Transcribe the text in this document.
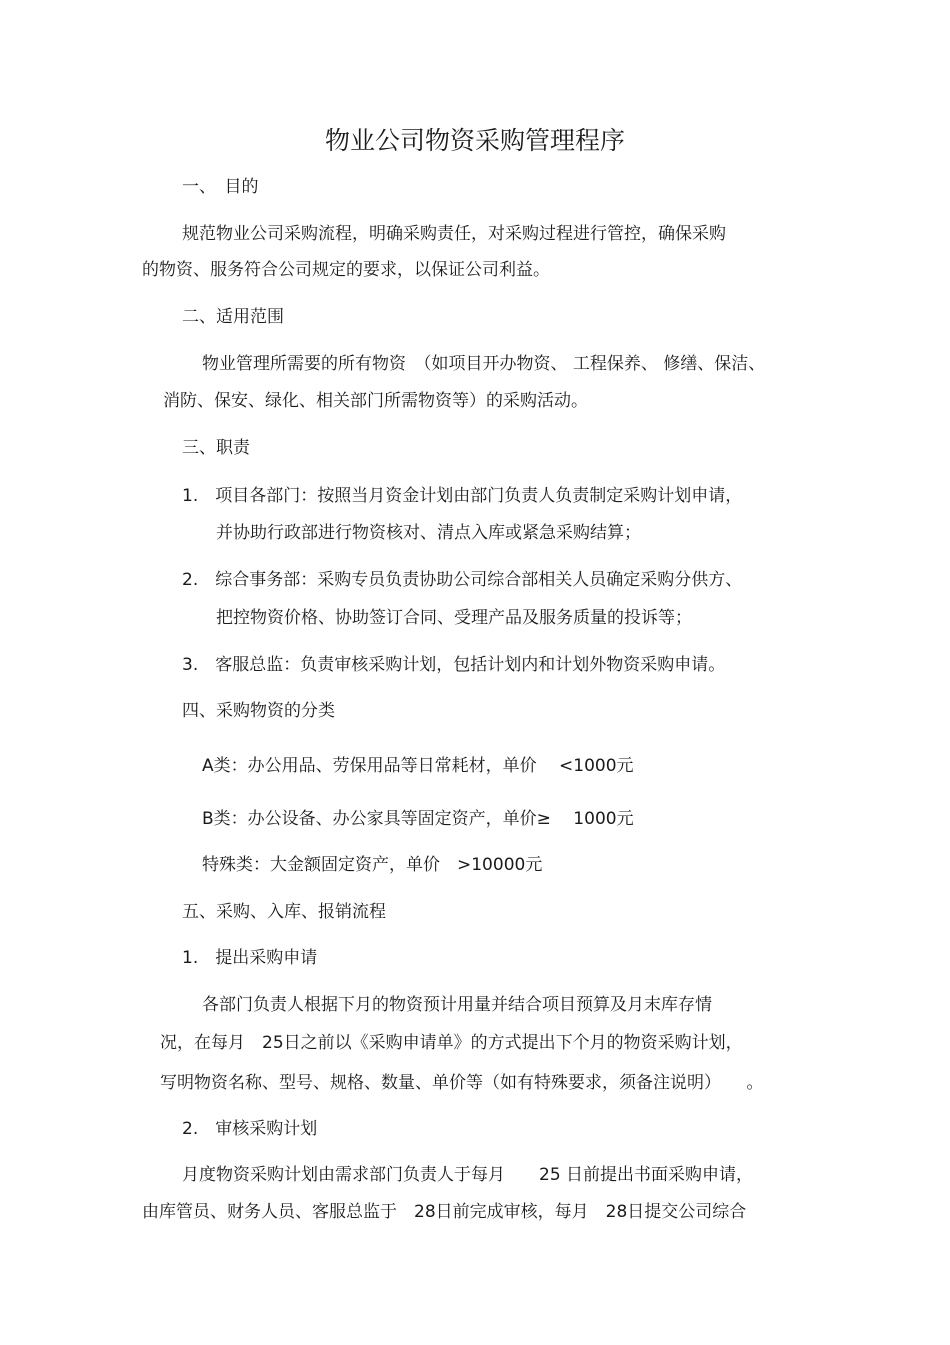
物业公司物资采购管理程序
一、　目的
规范物业公司采购流程，明确采购责任，对采购过程进行管控，确保采购
的物资、服务符合公司规定的要求，以保证公司利益。
二、适用范围
物业管理所需要的所有物资　（如项目开办物资、 工程保养、 修缮、保洁、
消防、保安、绿化、相关部门所需物资等）的采购活动。
三、职责
1.　项目各部门：按照当月资金计划由部门负责人负责制定采购计划申请，
并协助行政部进行物资核对、清点入库或紧急采购结算；
2.　综合事务部：采购专员负责协助公司综合部相关人员确定采购分供方、
把控物资价格、协助签订合同、受理产品及服务质量的投诉等；
3.　客服总监：负责审核采购计划，包括计划内和计划外物资采购申请。
四、采购物资的分类
A类：办公用品、劳保用品等日常耗材，单价　 <1000元
B类：办公设备、办公家具等固定资产，单价≥　 1000元
特殊类：大金额固定资产，单价　>10000元
五、采购、入库、报销流程
1.　提出采购申请
各部门负责人根据下月的物资预计用量并结合项目预算及月末库存情
况，在每月　25日之前以《采购申请单》的方式提出下个月的物资采购计划，
写明物资名称、型号、规格、数量、单价等（如有特殊要求，须备注说明）　　。
2.　审核采购计划
月度物资采购计划由需求部门负责人于每月　　25 日前提出书面采购申请，
由库管员、财务人员、客服总监于　28日前完成审核，每月　28日提交公司综合
